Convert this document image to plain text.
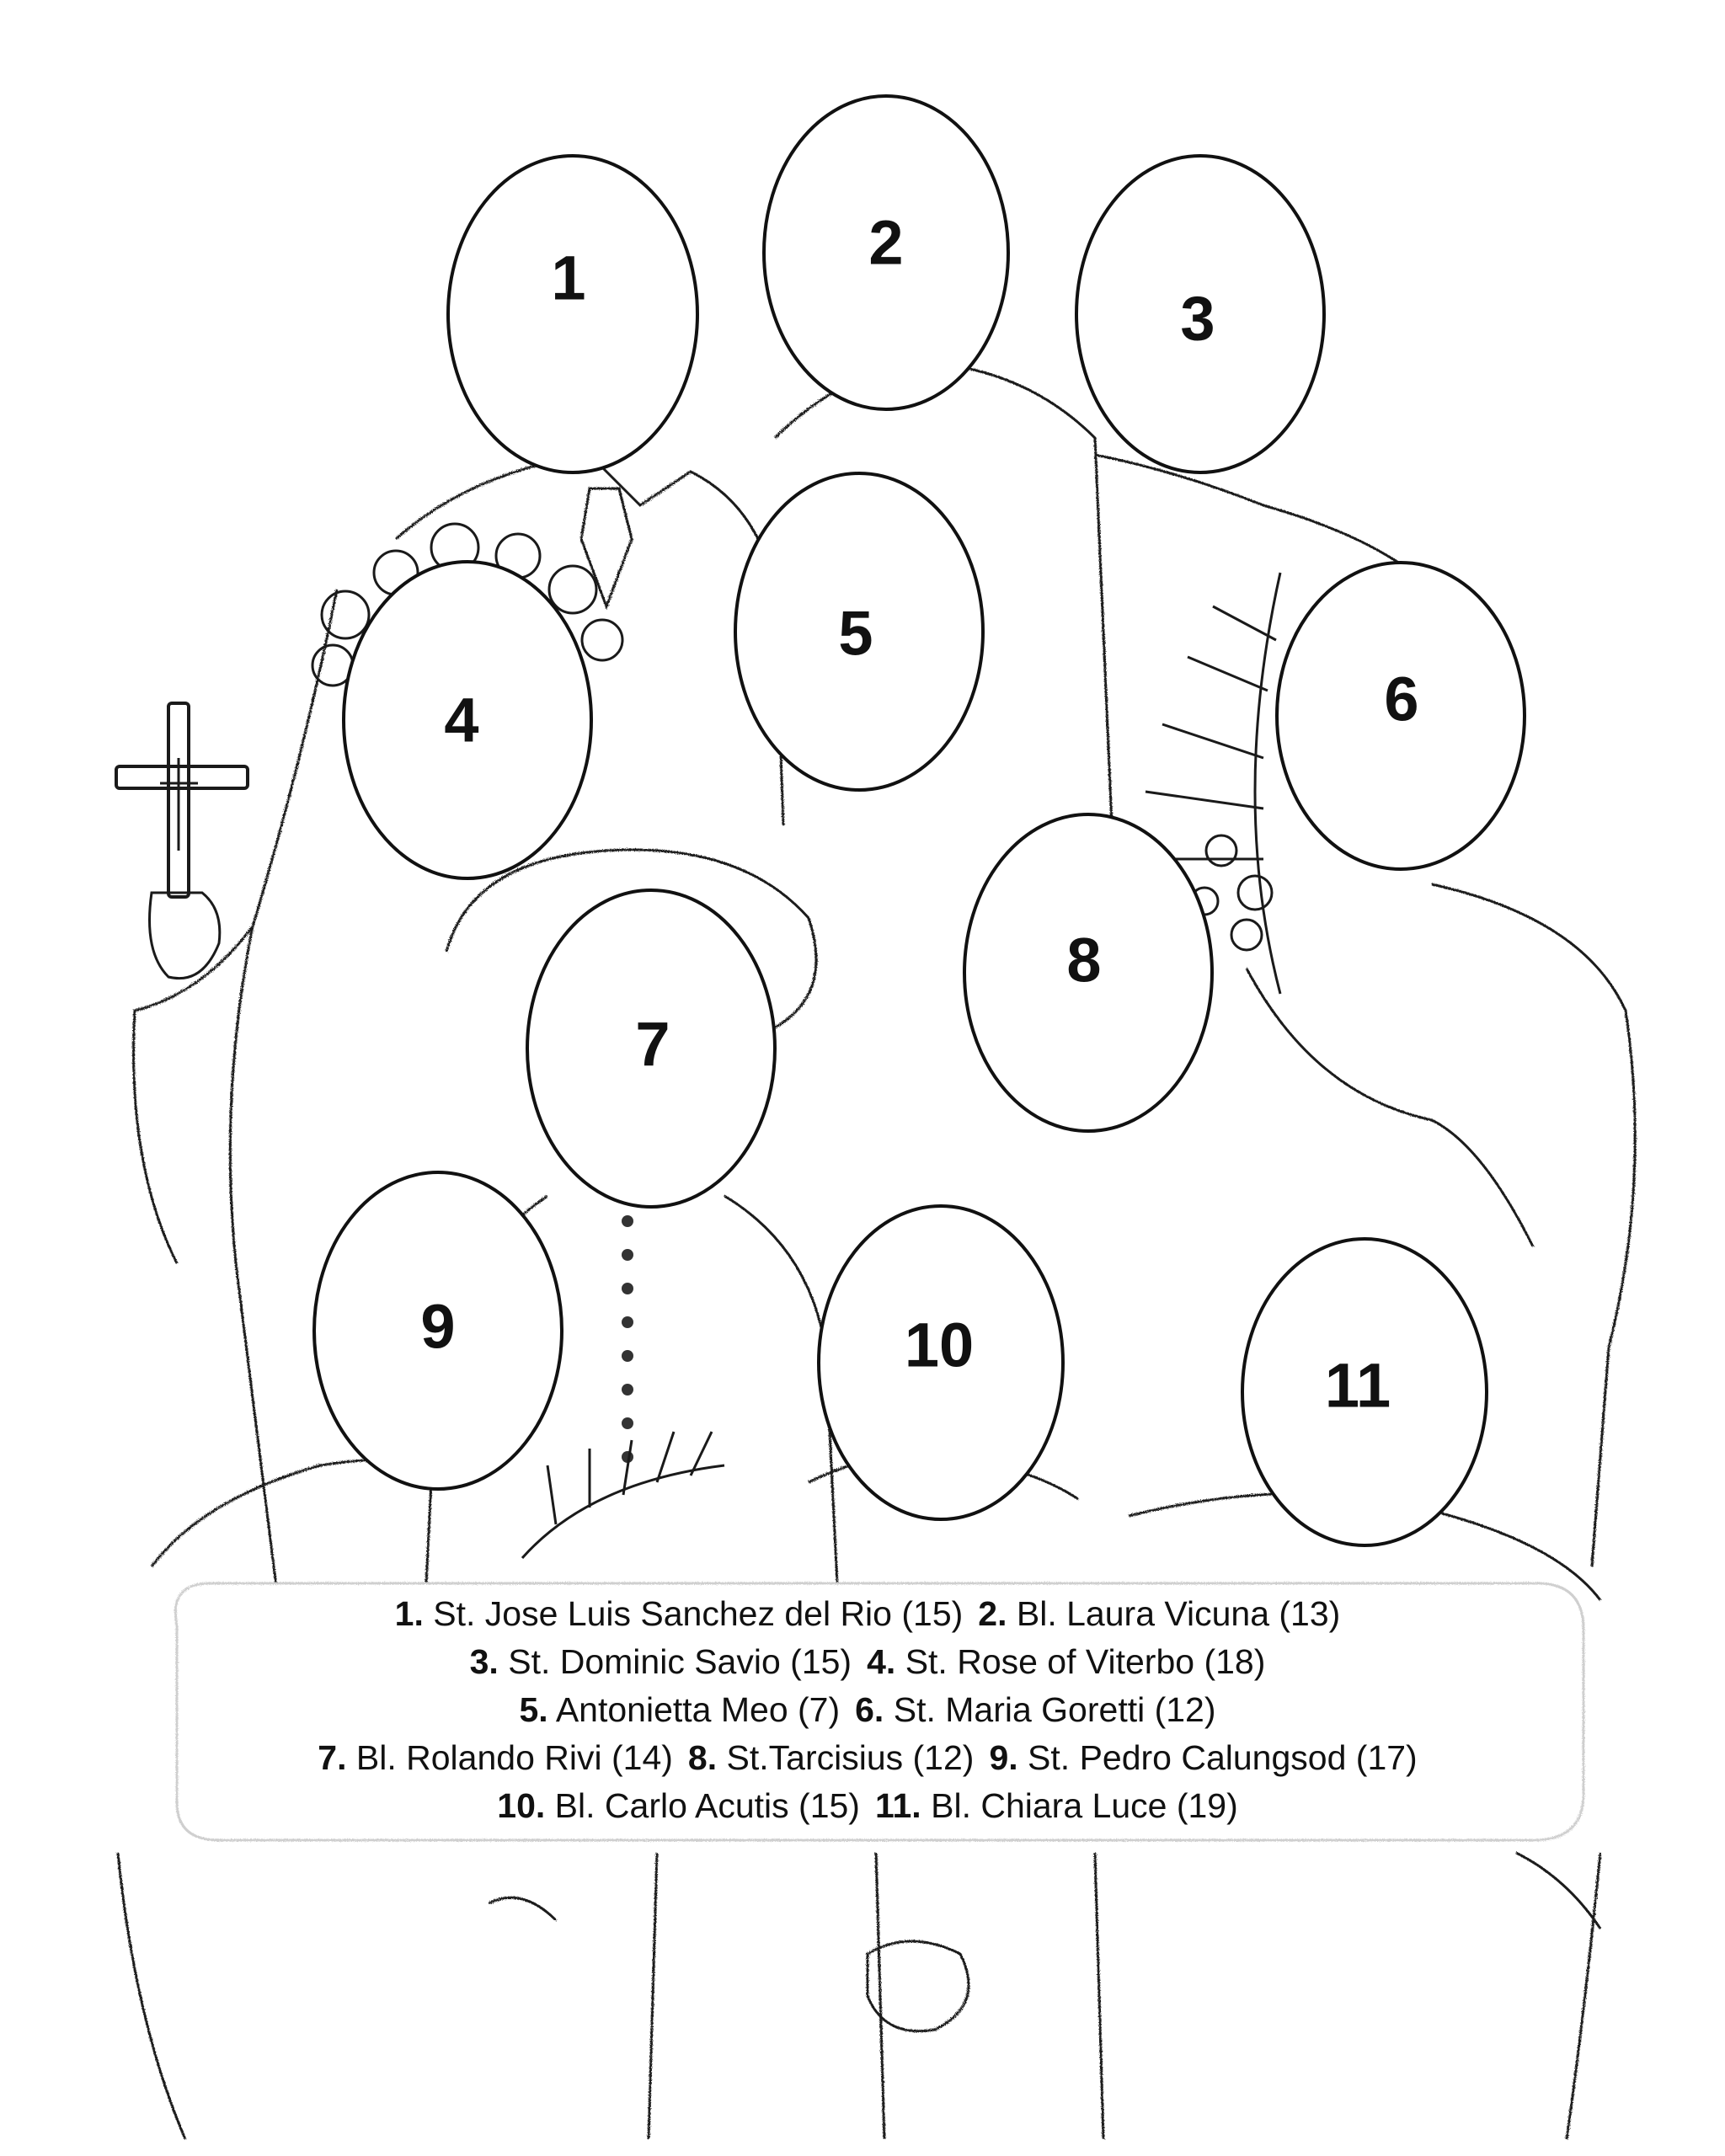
1
2
3
4
5
6
7
8
9	10
11
1. St. Jose Luis Sanchez del Rio (15) 2. Bl. Laura Vicuna (13)
3. St. Dominic Savio (15) 4. St. Rose of Viterbo (18)
5. Antonietta Meo (7) 6. St. Maria Goretti (12)
7. Bl. Rolando Rivi (14) 8. St.Tarcisius (12) 9. St. Pedro Calungsod (17)
10. Bl. Carlo Acutis (15) 11. Bl. Chiara Luce (19)
